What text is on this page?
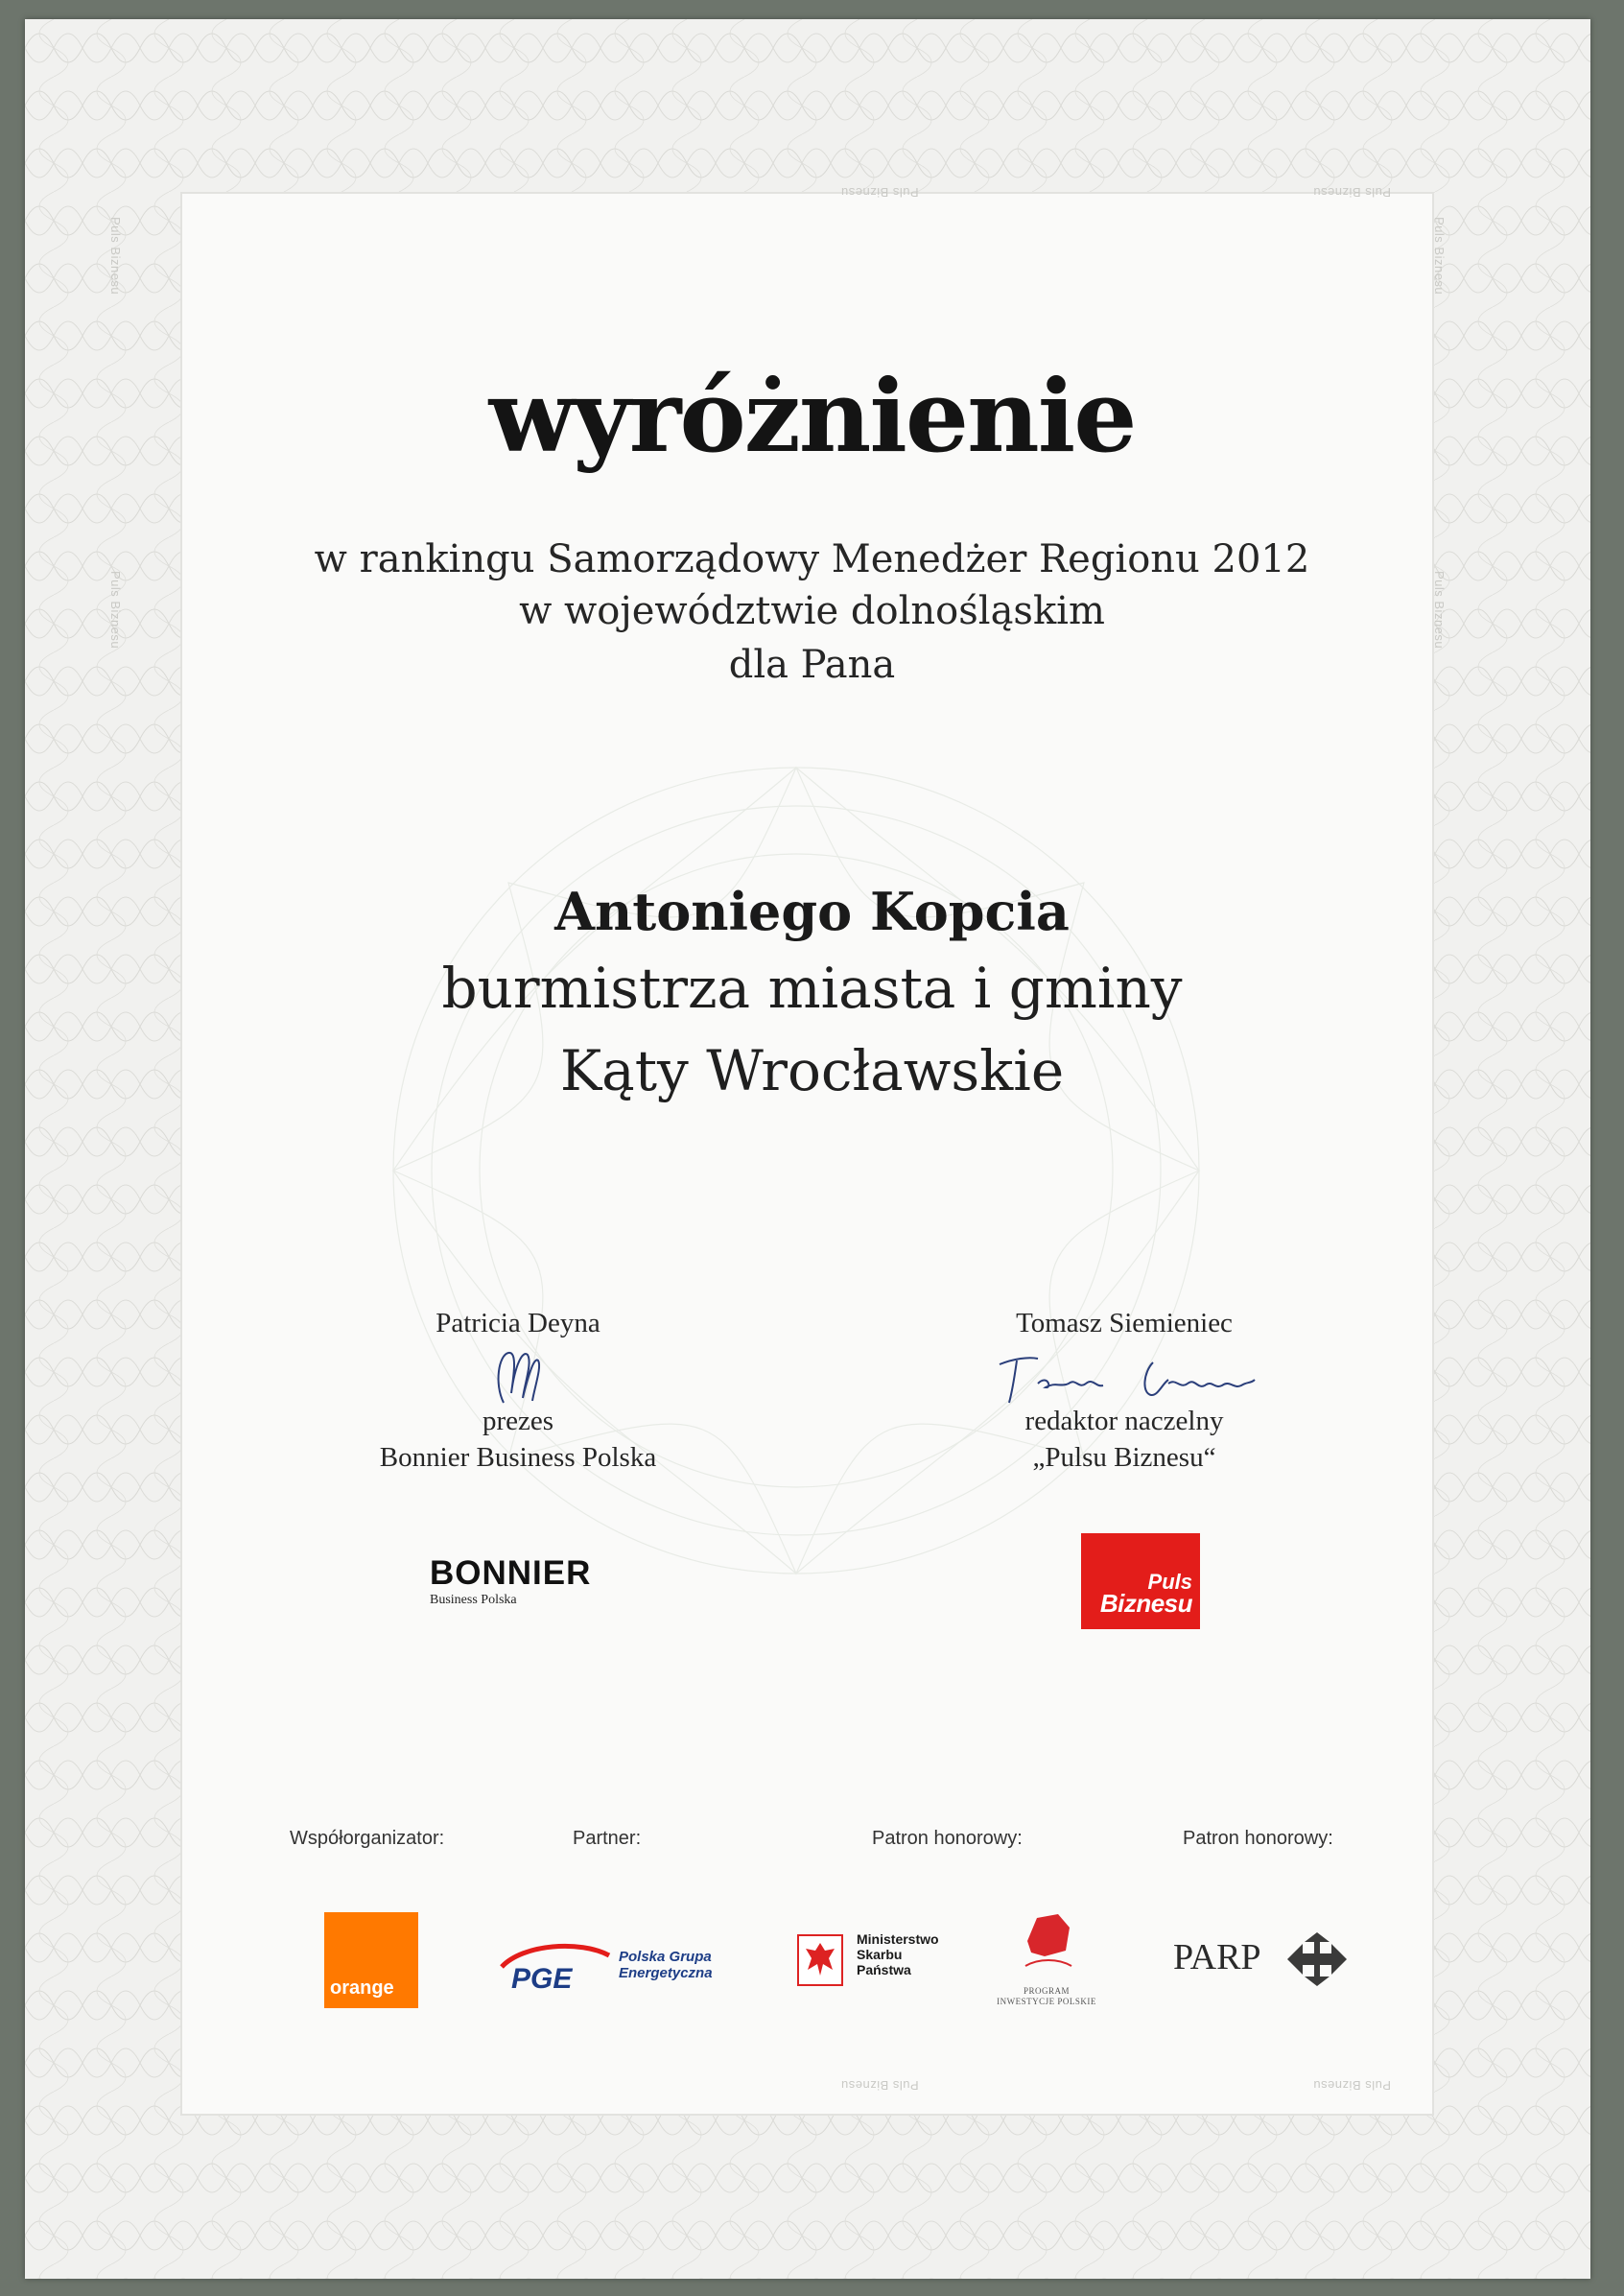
Puls Biznesu                                                                                                    Puls Biznesu
Puls Biznesu                                                                                                    Puls Biznesu
Puls Biznesu                                                                      Puls Biznesu
Puls Biznesu                                                                      Puls Biznesu
wyróżnienie
w rankingu Samorządowy Menedżer Regionu 2012
w województwie dolnośląskim
dla Pana
Antoniego Kopcia
burmistrza miasta i gminy
Kąty Wrocławskie
Patricia Deyna
prezes
Bonnier Business Polska
Tomasz Siemieniec
redaktor naczelny
„Pulsu Biznesu“
BONNIER
Business Polska
Puls
Biznesu
Współorganizator:	Partner:	Patron honorowy:	Patron honorowy:
orange	PGE
Polska Grupa
Energetyczna
Ministerstwo
Skarbu
Państwa
PROGRAM
INWESTYCJE POLSKIE
PARP
